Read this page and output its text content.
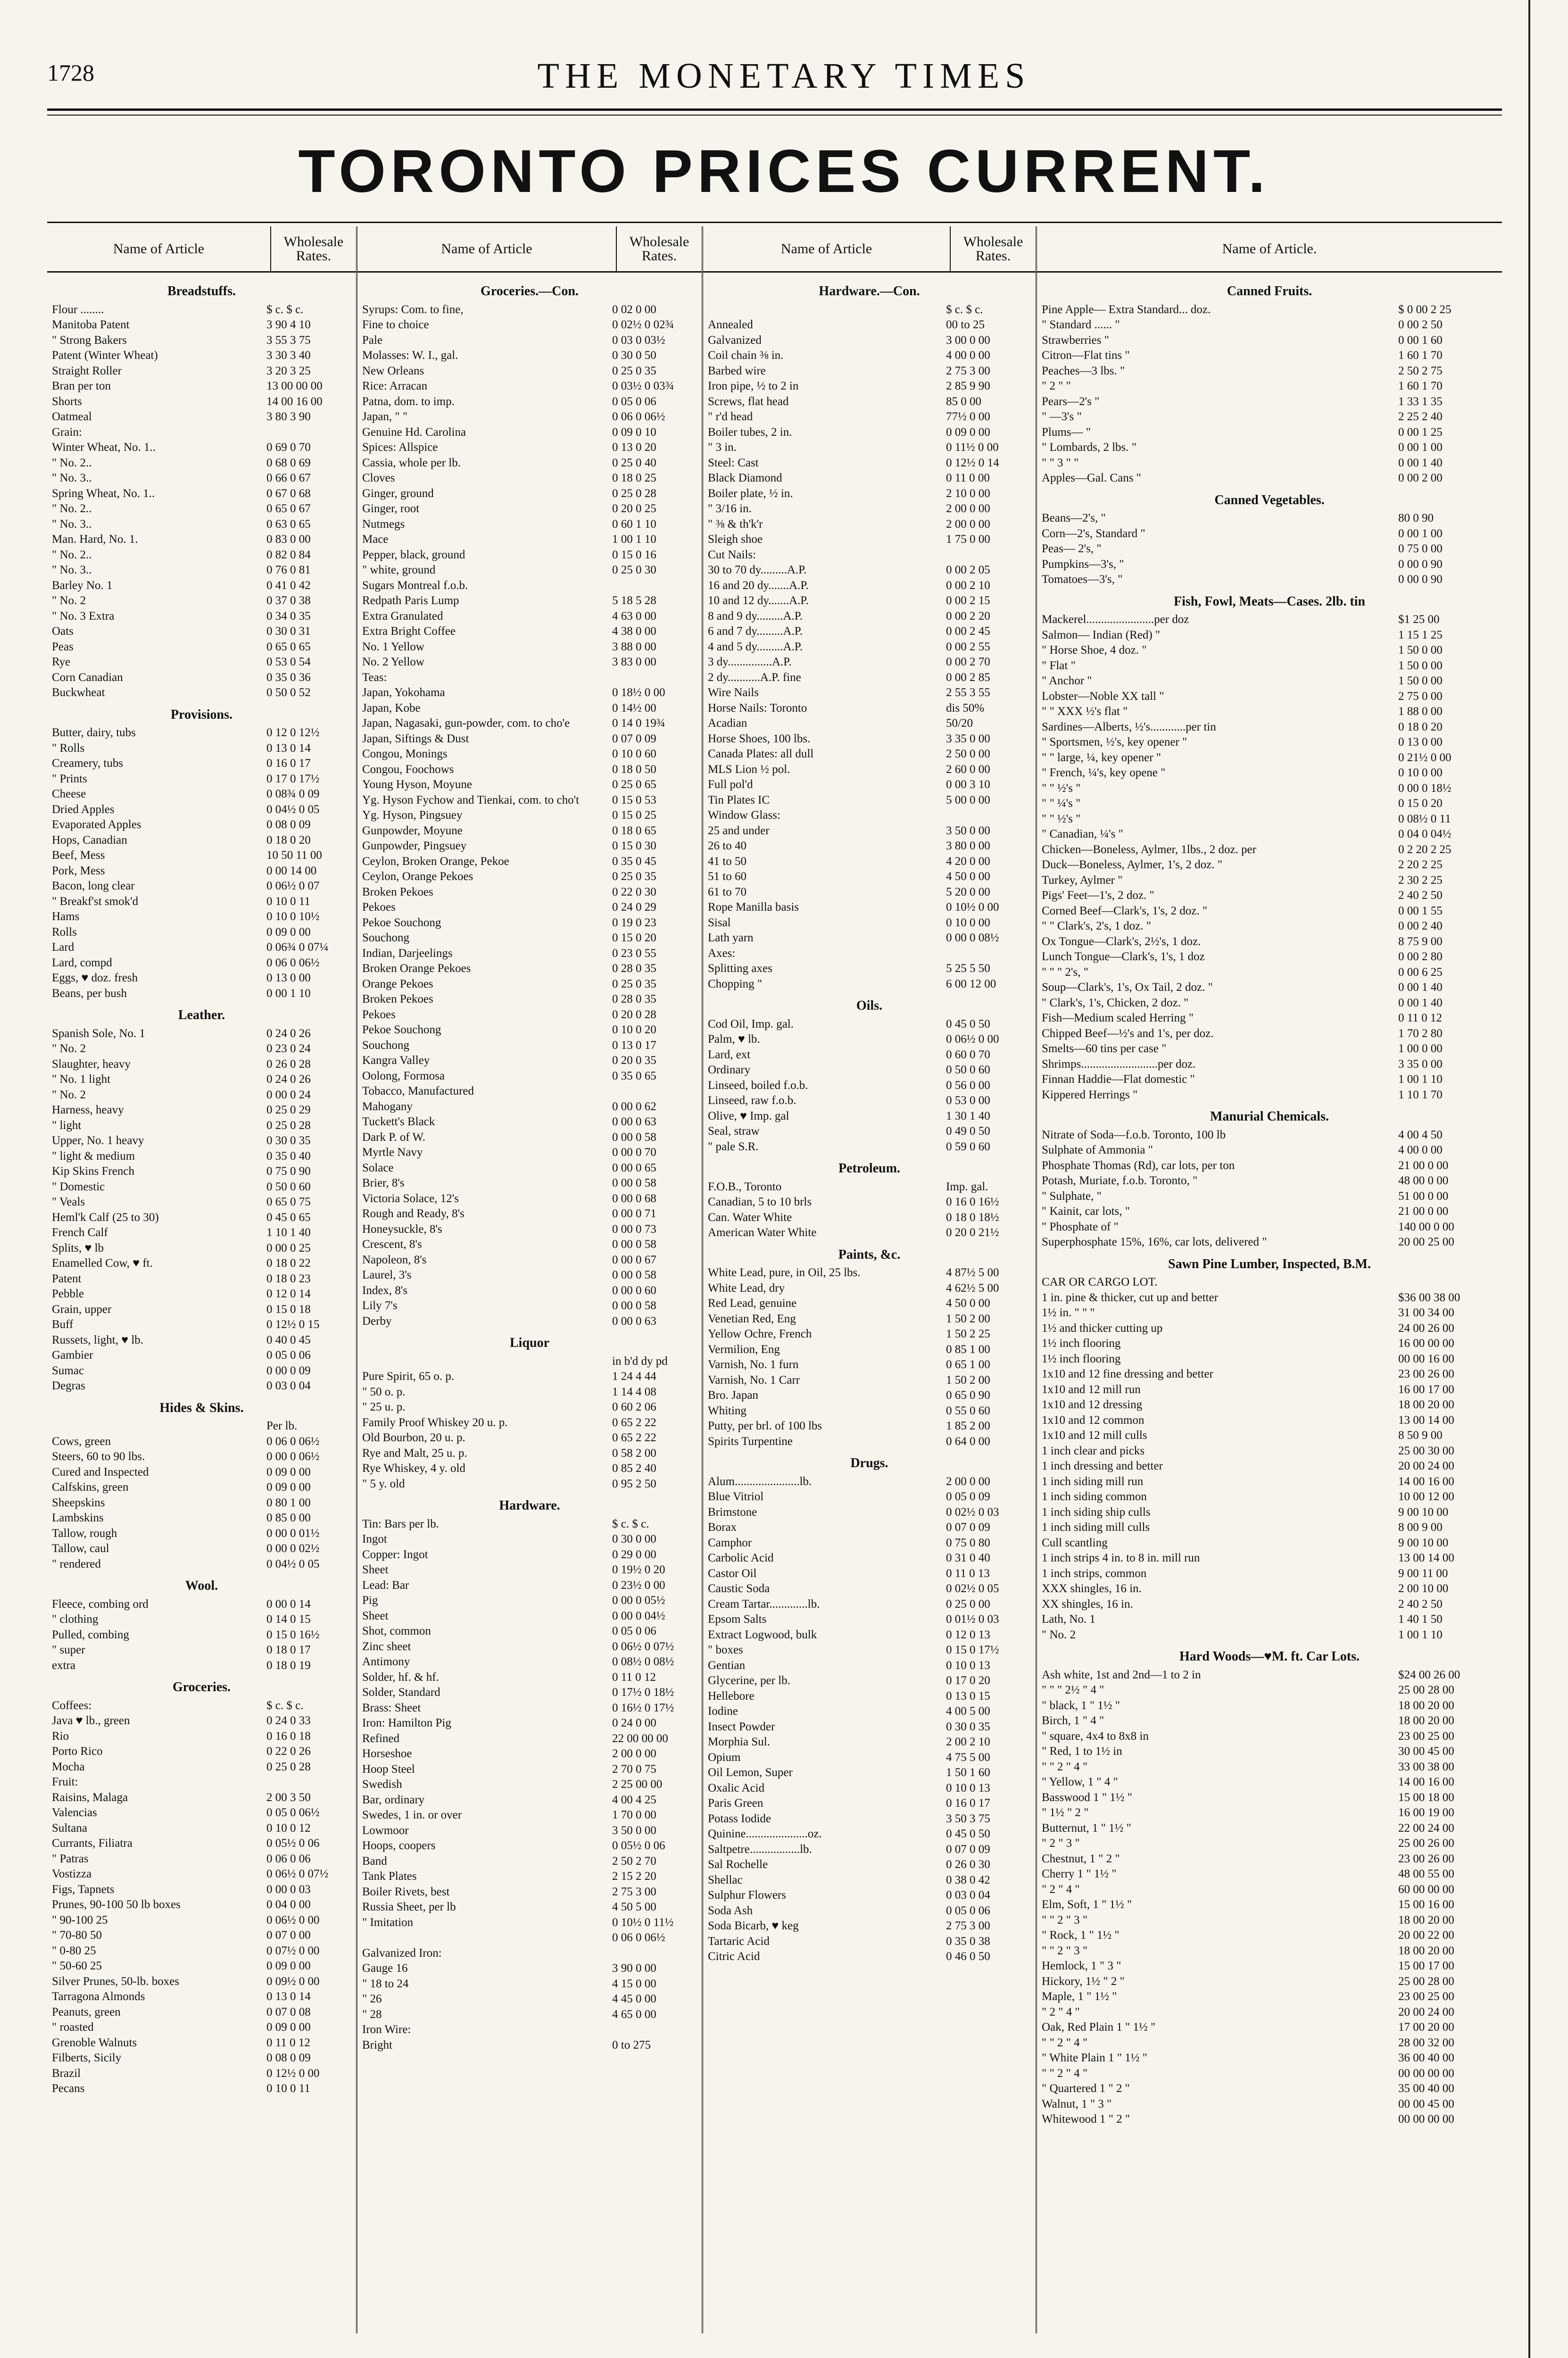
1728	THE MONETARY TIMES
TORONTO PRICES CURRENT.
Name of Article	Wholesale Rates.
Breadstuffs.
Flour ........	$ c. $ c.
Manitoba Patent	3 90 4 10
" Strong Bakers	3 55 3 75
Patent (Winter Wheat)	3 30 3 40
Straight Roller	3 20 3 25
Bran per ton	13 00 00 00
Shorts	14 00 16 00
Oatmeal	3 80 3 90
Grain:
Winter Wheat, No. 1..	0 69 0 70
" No. 2..	0 68 0 69
" No. 3..	0 66 0 67
Spring Wheat, No. 1..	0 67 0 68
" No. 2..	0 65 0 67
" No. 3..	0 63 0 65
Man. Hard, No. 1.	0 83 0 00
" No. 2..	0 82 0 84
" No. 3..	0 76 0 81
Barley No. 1	0 41 0 42
" No. 2	0 37 0 38
" No. 3 Extra	0 34 0 35
Oats	0 30 0 31
Peas	0 65 0 65
Rye	0 53 0 54
Corn Canadian	0 35 0 36
Buckwheat	0 50 0 52
Provisions.
Butter, dairy, tubs	0 12 0 12½
" Rolls	0 13 0 14
Creamery, tubs	0 16 0 17
" Prints	0 17 0 17½
Cheese	0 08¾ 0 09
Dried Apples	0 04½ 0 05
Evaporated Apples	0 08 0 09
Hops, Canadian	0 18 0 20
Beef, Mess	10 50 11 00
Pork, Mess	0 00 14 00
Bacon, long clear	0 06½ 0 07
" Breakf'st smok'd	0 10 0 11
Hams	0 10 0 10½
Rolls	0 09 0 00
Lard	0 06¾ 0 07¼
Lard, compd	0 06 0 06½
Eggs, ♥ doz. fresh	0 13 0 00
Beans, per bush	0 00 1 10
Leather.
Spanish Sole, No. 1	0 24 0 26
" No. 2	0 23 0 24
Slaughter, heavy	0 26 0 28
" No. 1 light	0 24 0 26
" No. 2	0 00 0 24
Harness, heavy	0 25 0 29
" light	0 25 0 28
Upper, No. 1 heavy	0 30 0 35
" light & medium	0 35 0 40
Kip Skins French	0 75 0 90
" Domestic	0 50 0 60
" Veals	0 65 0 75
Heml'k Calf (25 to 30)	0 45 0 65
French Calf	1 10 1 40
Splits, ♥ lb	0 00 0 25
Enamelled Cow, ♥ ft.	0 18 0 22
Patent	0 18 0 23
Pebble	0 12 0 14
Grain, upper	0 15 0 18
Buff	0 12½ 0 15
Russets, light, ♥ lb.	0 40 0 45
Gambier	0 05 0 06
Sumac	0 00 0 09
Degras	0 03 0 04
Hides & Skins.
Per lb.
Cows, green	0 06 0 06½
Steers, 60 to 90 lbs.	0 00 0 06½
Cured and Inspected	0 09 0 00
Calfskins, green	0 09 0 00
Sheepskins	0 80 1 00
Lambskins	0 85 0 00
Tallow, rough	0 00 0 01½
Tallow, caul	0 00 0 02½
" rendered	0 04½ 0 05
Wool.
Fleece, combing ord	0 00 0 14
" clothing	0 14 0 15
Pulled, combing	0 15 0 16½
" super	0 18 0 17
extra	0 18 0 19
Groceries.
Coffees:	$ c. $ c.
Java ♥ lb., green	0 24 0 33
Rio	0 16 0 18
Porto Rico	0 22 0 26
Mocha	0 25 0 28
Fruit:
Raisins, Malaga	2 00 3 50
Valencias	0 05 0 06½
Sultana	0 10 0 12
Currants, Filiatra	0 05½ 0 06
" Patras	0 06 0 06
Vostizza	0 06½ 0 07½
Figs, Tapnets	0 00 0 03
Prunes, 90-100 50 lb boxes	0 04 0 00
" 90-100 25	0 06½ 0 00
" 70-80 50	0 07 0 00
" 0-80 25	0 07½ 0 00
" 50-60 25	0 09 0 00
Silver Prunes, 50-lb. boxes	0 09½ 0 00
Tarragona Almonds	0 13 0 14
Peanuts, green	0 07 0 08
" roasted	0 09 0 00
Grenoble Walnuts	0 11 0 12
Filberts, Sicily	0 08 0 09
Brazil	0 12½ 0 00
Pecans	0 10 0 11
Name of Article	Wholesale Rates.
Groceries.—Con.
Syrups: Com. to fine,	0 02 0 00
Fine to choice	0 02½ 0 02¾
Pale	0 03 0 03½
Molasses: W. I., gal.	0 30 0 50
New Orleans	0 25 0 35
Rice: Arracan	0 03½ 0 03¾
Patna, dom. to imp.	0 05 0 06
Japan, " "	0 06 0 06½
Genuine Hd. Carolina	0 09 0 10
Spices: Allspice	0 13 0 20
Cassia, whole per lb.	0 25 0 40
Cloves	0 18 0 25
Ginger, ground	0 25 0 28
Ginger, root	0 20 0 25
Nutmegs	0 60 1 10
Mace	1 00 1 10
Pepper, black, ground	0 15 0 16
" white, ground	0 25 0 30
Sugars Montreal f.o.b.
Redpath Paris Lump	5 18 5 28
Extra Granulated	4 63 0 00
Extra Bright Coffee	4 38 0 00
No. 1 Yellow	3 88 0 00
No. 2 Yellow	3 83 0 00
Teas:
Japan, Yokohama	0 18½ 0 00
Japan, Kobe	0 14½ 00
Japan, Nagasaki, gun-powder, com. to cho'e	0 14 0 19¾
Japan, Siftings & Dust	0 07 0 09
Congou, Monings	0 10 0 60
Congou, Foochows	0 18 0 50
Young Hyson, Moyune	0 25 0 65
Yg. Hyson Fychow and Tienkai, com. to cho't	0 15 0 53
Yg. Hyson, Pingsuey	0 15 0 25
Gunpowder, Moyune	0 18 0 65
Gunpowder, Pingsuey	0 15 0 30
Ceylon, Broken Orange, Pekoe	0 35 0 45
Ceylon, Orange Pekoes	0 25 0 35
Broken Pekoes	0 22 0 30
Pekoes	0 24 0 29
Pekoe Souchong	0 19 0 23
Souchong	0 15 0 20
Indian, Darjeelings	0 23 0 55
Broken Orange Pekoes	0 28 0 35
Orange Pekoes	0 25 0 35
Broken Pekoes	0 28 0 35
Pekoes	0 20 0 28
Pekoe Souchong	0 10 0 20
Souchong	0 13 0 17
Kangra Valley	0 20 0 35
Oolong, Formosa	0 35 0 65
Tobacco, Manufactured
Mahogany	0 00 0 62
Tuckett's Black	0 00 0 63
Dark P. of W.	0 00 0 58
Myrtle Navy	0 00 0 70
Solace	0 00 0 65
Brier, 8's	0 00 0 58
Victoria Solace, 12's	0 00 0 68
Rough and Ready, 8's	0 00 0 71
Honeysuckle, 8's	0 00 0 73
Crescent, 8's	0 00 0 58
Napoleon, 8's	0 00 0 67
Laurel, 3's	0 00 0 58
Index, 8's	0 00 0 60
Lily 7's	0 00 0 58
Derby	0 00 0 63
Liquor
in b'd dy pd
Pure Spirit, 65 o. p.	1 24 4 44
" 50 o. p.	1 14 4 08
" 25 u. p.	0 60 2 06
Family Proof Whiskey 20 u. p.	0 65 2 22
Old Bourbon, 20 u. p.	0 65 2 22
Rye and Malt, 25 u. p.	0 58 2 00
Rye Whiskey, 4 y. old	0 85 2 40
" 5 y. old	0 95 2 50
Hardware.
Tin: Bars per lb.	$ c. $ c.
Ingot	0 30 0 00
Copper: Ingot	0 29 0 00
Sheet	0 19½ 0 20
Lead: Bar	0 23½ 0 00
Pig	0 00 0 05½
Sheet	0 00 0 04½
Shot, common	0 05 0 06
Zinc sheet	0 06½ 0 07½
Antimony	0 08½ 0 08½
Solder, hf. & hf.	0 11 0 12
Solder, Standard	0 17½ 0 18½
Brass: Sheet	0 16½ 0 17½
Iron: Hamilton Pig	0 24 0 00
Refined	22 00 00 00
Horseshoe	2 00 0 00
Hoop Steel	2 70 0 75
Swedish	2 25 00 00
Bar, ordinary	4 00 4 25
Swedes, 1 in. or over	1 70 0 00
Lowmoor	3 50 0 00
Hoops, coopers	0 05½ 0 06
Band	2 50 2 70
Tank Plates	2 15 2 20
Boiler Rivets, best	2 75 3 00
Russia Sheet, per lb	4 50 5 00
" Imitation	0 10½ 0 11½
0 06 0 06½
Galvanized Iron:
Gauge 16	3 90 0 00
" 18 to 24	4 15 0 00
" 26	4 45 0 00
" 28	4 65 0 00
Iron Wire:
Bright	0 to 275
Name of Article	Wholesale Rates.
Hardware.—Con.
$ c. $ c.
Annealed	00 to 25
Galvanized	3 00 0 00
Coil chain ⅜ in.	4 00 0 00
Barbed wire	2 75 3 00
Iron pipe, ½ to 2 in	2 85 9 90
Screws, flat head	85 0 00
" r'd head	77½ 0 00
Boiler tubes, 2 in.	0 09 0 00
" 3 in.	0 11½ 0 00
Steel: Cast	0 12½ 0 14
Black Diamond	0 11 0 00
Boiler plate, ½ in.	2 10 0 00
" 3/16 in.	2 00 0 00
" ⅜ & th'k'r	2 00 0 00
Sleigh shoe	1 75 0 00
Cut Nails:
30 to 70 dy.........A.P.	0 00 2 05
16 and 20 dy.......A.P.	0 00 2 10
10 and 12 dy.......A.P.	0 00 2 15
8 and 9 dy.........A.P.	0 00 2 20
6 and 7 dy.........A.P.	0 00 2 45
4 and 5 dy.........A.P.	0 00 2 55
3 dy...............A.P.	0 00 2 70
2 dy...........A.P. fine	0 00 2 85
Wire Nails	2 55 3 55
Horse Nails: Toronto	dis 50%
Acadian	50/20
Horse Shoes, 100 lbs.	3 35 0 00
Canada Plates: all dull	2 50 0 00
MLS Lion ½ pol.	2 60 0 00
Full pol'd	0 00 3 10
Tin Plates IC	5 00 0 00
Window Glass:
25 and under	3 50 0 00
26 to 40	3 80 0 00
41 to 50	4 20 0 00
51 to 60	4 50 0 00
61 to 70	5 20 0 00
Rope Manilla basis	0 10½ 0 00
Sisal	0 10 0 00
Lath yarn	0 00 0 08½
Axes:
Splitting axes	5 25 5 50
Chopping "	6 00 12 00
Oils.
Cod Oil, Imp. gal.	0 45 0 50
Palm, ♥ lb.	0 06½ 0 00
Lard, ext	0 60 0 70
Ordinary	0 50 0 60
Linseed, boiled f.o.b.	0 56 0 00
Linseed, raw f.o.b.	0 53 0 00
Olive, ♥ Imp. gal	1 30 1 40
Seal, straw	0 49 0 50
" pale S.R.	0 59 0 60
Petroleum.
F.O.B., Toronto	Imp. gal.
Canadian, 5 to 10 brls	0 16 0 16½
Can. Water White	0 18 0 18½
American Water White	0 20 0 21½
Paints, &c.
White Lead, pure, in Oil, 25 lbs.	4 87½ 5 00
White Lead, dry	4 62½ 5 00
Red Lead, genuine	4 50 0 00
Venetian Red, Eng	1 50 2 00
Yellow Ochre, French	1 50 2 25
Vermilion, Eng	0 85 1 00
Varnish, No. 1 furn	0 65 1 00
Varnish, No. 1 Carr	1 50 2 00
Bro. Japan	0 65 0 90
Whiting	0 55 0 60
Putty, per brl. of 100 lbs	1 85 2 00
Spirits Turpentine	0 64 0 00
Drugs.
Alum......................lb.	2 00 0 00
Blue Vitriol	0 05 0 09
Brimstone	0 02½ 0 03
Borax	0 07 0 09
Camphor	0 75 0 80
Carbolic Acid	0 31 0 40
Castor Oil	0 11 0 13
Caustic Soda	0 02½ 0 05
Cream Tartar.............lb.	0 25 0 00
Epsom Salts	0 01½ 0 03
Extract Logwood, bulk	0 12 0 13
" boxes	0 15 0 17½
Gentian	0 10 0 13
Glycerine, per lb.	0 17 0 20
Hellebore	0 13 0 15
Iodine	4 00 5 00
Insect Powder	0 30 0 35
Morphia Sul.	2 00 2 10
Opium	4 75 5 00
Oil Lemon, Super	1 50 1 60
Oxalic Acid	0 10 0 13
Paris Green	0 16 0 17
Potass Iodide	3 50 3 75
Quinine.....................oz.	0 45 0 50
Saltpetre.................lb.	0 07 0 09
Sal Rochelle	0 26 0 30
Shellac	0 38 0 42
Sulphur Flowers	0 03 0 04
Soda Ash	0 05 0 06
Soda Bicarb, ♥ keg	2 75 3 00
Tartaric Acid	0 35 0 38
Citric Acid	0 46 0 50
Name of Article.
Canned Fruits.
Pine Apple— Extra Standard... doz.	$ 0 00 2 25
" Standard ...... "	0 00 2 50
Strawberries "	0 00 1 60
Citron—Flat tins "	1 60 1 70
Peaches—3 lbs. "	2 50 2 75
" 2 " "	1 60 1 70
Pears—2's "	1 33 1 35
" —3's "	2 25 2 40
Plums— "	0 00 1 25
" Lombards, 2 lbs. "	0 00 1 00
" " 3 " "	0 00 1 40
Apples—Gal. Cans "	0 00 2 00
Canned Vegetables.
Beans—2's, "	80 0 90
Corn—2's, Standard "	0 00 1 00
Peas— 2's, "	0 75 0 00
Pumpkins—3's, "	0 00 0 90
Tomatoes—3's, "	0 00 0 90
Fish, Fowl, Meats—Cases. 2lb. tin
Mackerel.......................per doz	$1 25 00
Salmon— Indian (Red) "	1 15 1 25
" Horse Shoe, 4 doz. "	1 50 0 00
" Flat "	1 50 0 00
" Anchor "	1 50 0 00
Lobster—Noble XX tall "	2 75 0 00
" " XXX ½'s flat "	1 88 0 00
Sardines—Alberts, ½'s............per tin	0 18 0 20
" Sportsmen, ½'s, key opener "	0 13 0 00
" " large, ¼, key opener "	0 21½ 0 00
" French, ¼'s, key opene "	0 10 0 00
" " ½'s "	0 00 0 18½
" " ¼'s "	0 15 0 20
" " ½'s "	0 08½ 0 11
" Canadian, ¼'s "	0 04 0 04½
Chicken—Boneless, Aylmer, 1lbs., 2 doz. per	0 2 20 2 25
Duck—Boneless, Aylmer, 1's, 2 doz. "	2 20 2 25
Turkey, Aylmer "	2 30 2 25
Pigs' Feet—1's, 2 doz. "	2 40 2 50
Corned Beef—Clark's, 1's, 2 doz. "	0 00 1 55
" " Clark's, 2's, 1 doz. "	0 00 2 40
Ox Tongue—Clark's, 2½'s, 1 doz.	8 75 9 00
Lunch Tongue—Clark's, 1's, 1 doz	0 00 2 80
" " " 2's, "	0 00 6 25
Soup—Clark's, 1's, Ox Tail, 2 doz. "	0 00 1 40
" Clark's, 1's, Chicken, 2 doz. "	0 00 1 40
Fish—Medium scaled Herring "	0 11 0 12
Chipped Beef—½'s and 1's, per doz.	1 70 2 80
Smelts—60 tins per case "	1 00 0 00
Shrimps..........................per doz.	3 35 0 00
Finnan Haddie—Flat domestic "	1 00 1 10
Kippered Herrings "	1 10 1 70
Manurial Chemicals.
Nitrate of Soda—f.o.b. Toronto, 100 lb	4 00 4 50
Sulphate of Ammonia "	4 00 0 00
Phosphate Thomas (Rd), car lots, per ton	21 00 0 00
Potash, Muriate, f.o.b. Toronto, "	48 00 0 00
" Sulphate, "	51 00 0 00
" Kainit, car lots, "	21 00 0 00
" Phosphate of "	140 00 0 00
Superphosphate 15%, 16%, car lots, delivered "	20 00 25 00
Sawn Pine Lumber, Inspected, B.M.
CAR OR CARGO LOT.
1 in. pine & thicker, cut up and better	$36 00 38 00
1½ in. " " "	31 00 34 00
1½ and thicker cutting up	24 00 26 00
1½ inch flooring	16 00 00 00
1½ inch flooring	00 00 16 00
1x10 and 12 fine dressing and better	23 00 26 00
1x10 and 12 mill run	16 00 17 00
1x10 and 12 dressing	18 00 20 00
1x10 and 12 common	13 00 14 00
1x10 and 12 mill culls	8 50 9 00
1 inch clear and picks	25 00 30 00
1 inch dressing and better	20 00 24 00
1 inch siding mill run	14 00 16 00
1 inch siding common	10 00 12 00
1 inch siding ship culls	9 00 10 00
1 inch siding mill culls	8 00 9 00
Cull scantling	9 00 10 00
1 inch strips 4 in. to 8 in. mill run	13 00 14 00
1 inch strips, common	9 00 11 00
XXX shingles, 16 in.	2 00 10 00
XX shingles, 16 in.	2 40 2 50
Lath, No. 1	1 40 1 50
" No. 2	1 00 1 10
Hard Woods—♥M. ft. Car Lots.
Ash white, 1st and 2nd—1 to 2 in	$24 00 26 00
" " " 2½ " 4 "	25 00 28 00
" black, 1 " 1½ "	18 00 20 00
Birch, 1 " 4 "	18 00 20 00
" square, 4x4 to 8x8 in	23 00 25 00
" Red, 1 to 1½ in	30 00 45 00
" " 2 " 4 "	33 00 38 00
" Yellow, 1 " 4 "	14 00 16 00
Basswood 1 " 1½ "	15 00 18 00
" 1½ " 2 "	16 00 19 00
Butternut, 1 " 1½ "	22 00 24 00
" 2 " 3 "	25 00 26 00
Chestnut, 1 " 2 "	23 00 26 00
Cherry 1 " 1½ "	48 00 55 00
" 2 " 4 "	60 00 00 00
Elm, Soft, 1 " 1½ "	15 00 16 00
" " 2 " 3 "	18 00 20 00
" Rock, 1 " 1½ "	20 00 22 00
" " 2 " 3 "	18 00 20 00
Hemlock, 1 " 3 "	15 00 17 00
Hickory, 1½ " 2 "	25 00 28 00
Maple, 1 " 1½ "	23 00 25 00
" 2 " 4 "	20 00 24 00
Oak, Red Plain 1 " 1½ "	17 00 20 00
" " 2 " 4 "	28 00 32 00
" White Plain 1 " 1½ "	36 00 40 00
" " 2 " 4 "	00 00 00 00
" Quartered 1 " 2 "	35 00 40 00
Walnut, 1 " 3 "	00 00 45 00
Whitewood 1 " 2 "	00 00 00 00
